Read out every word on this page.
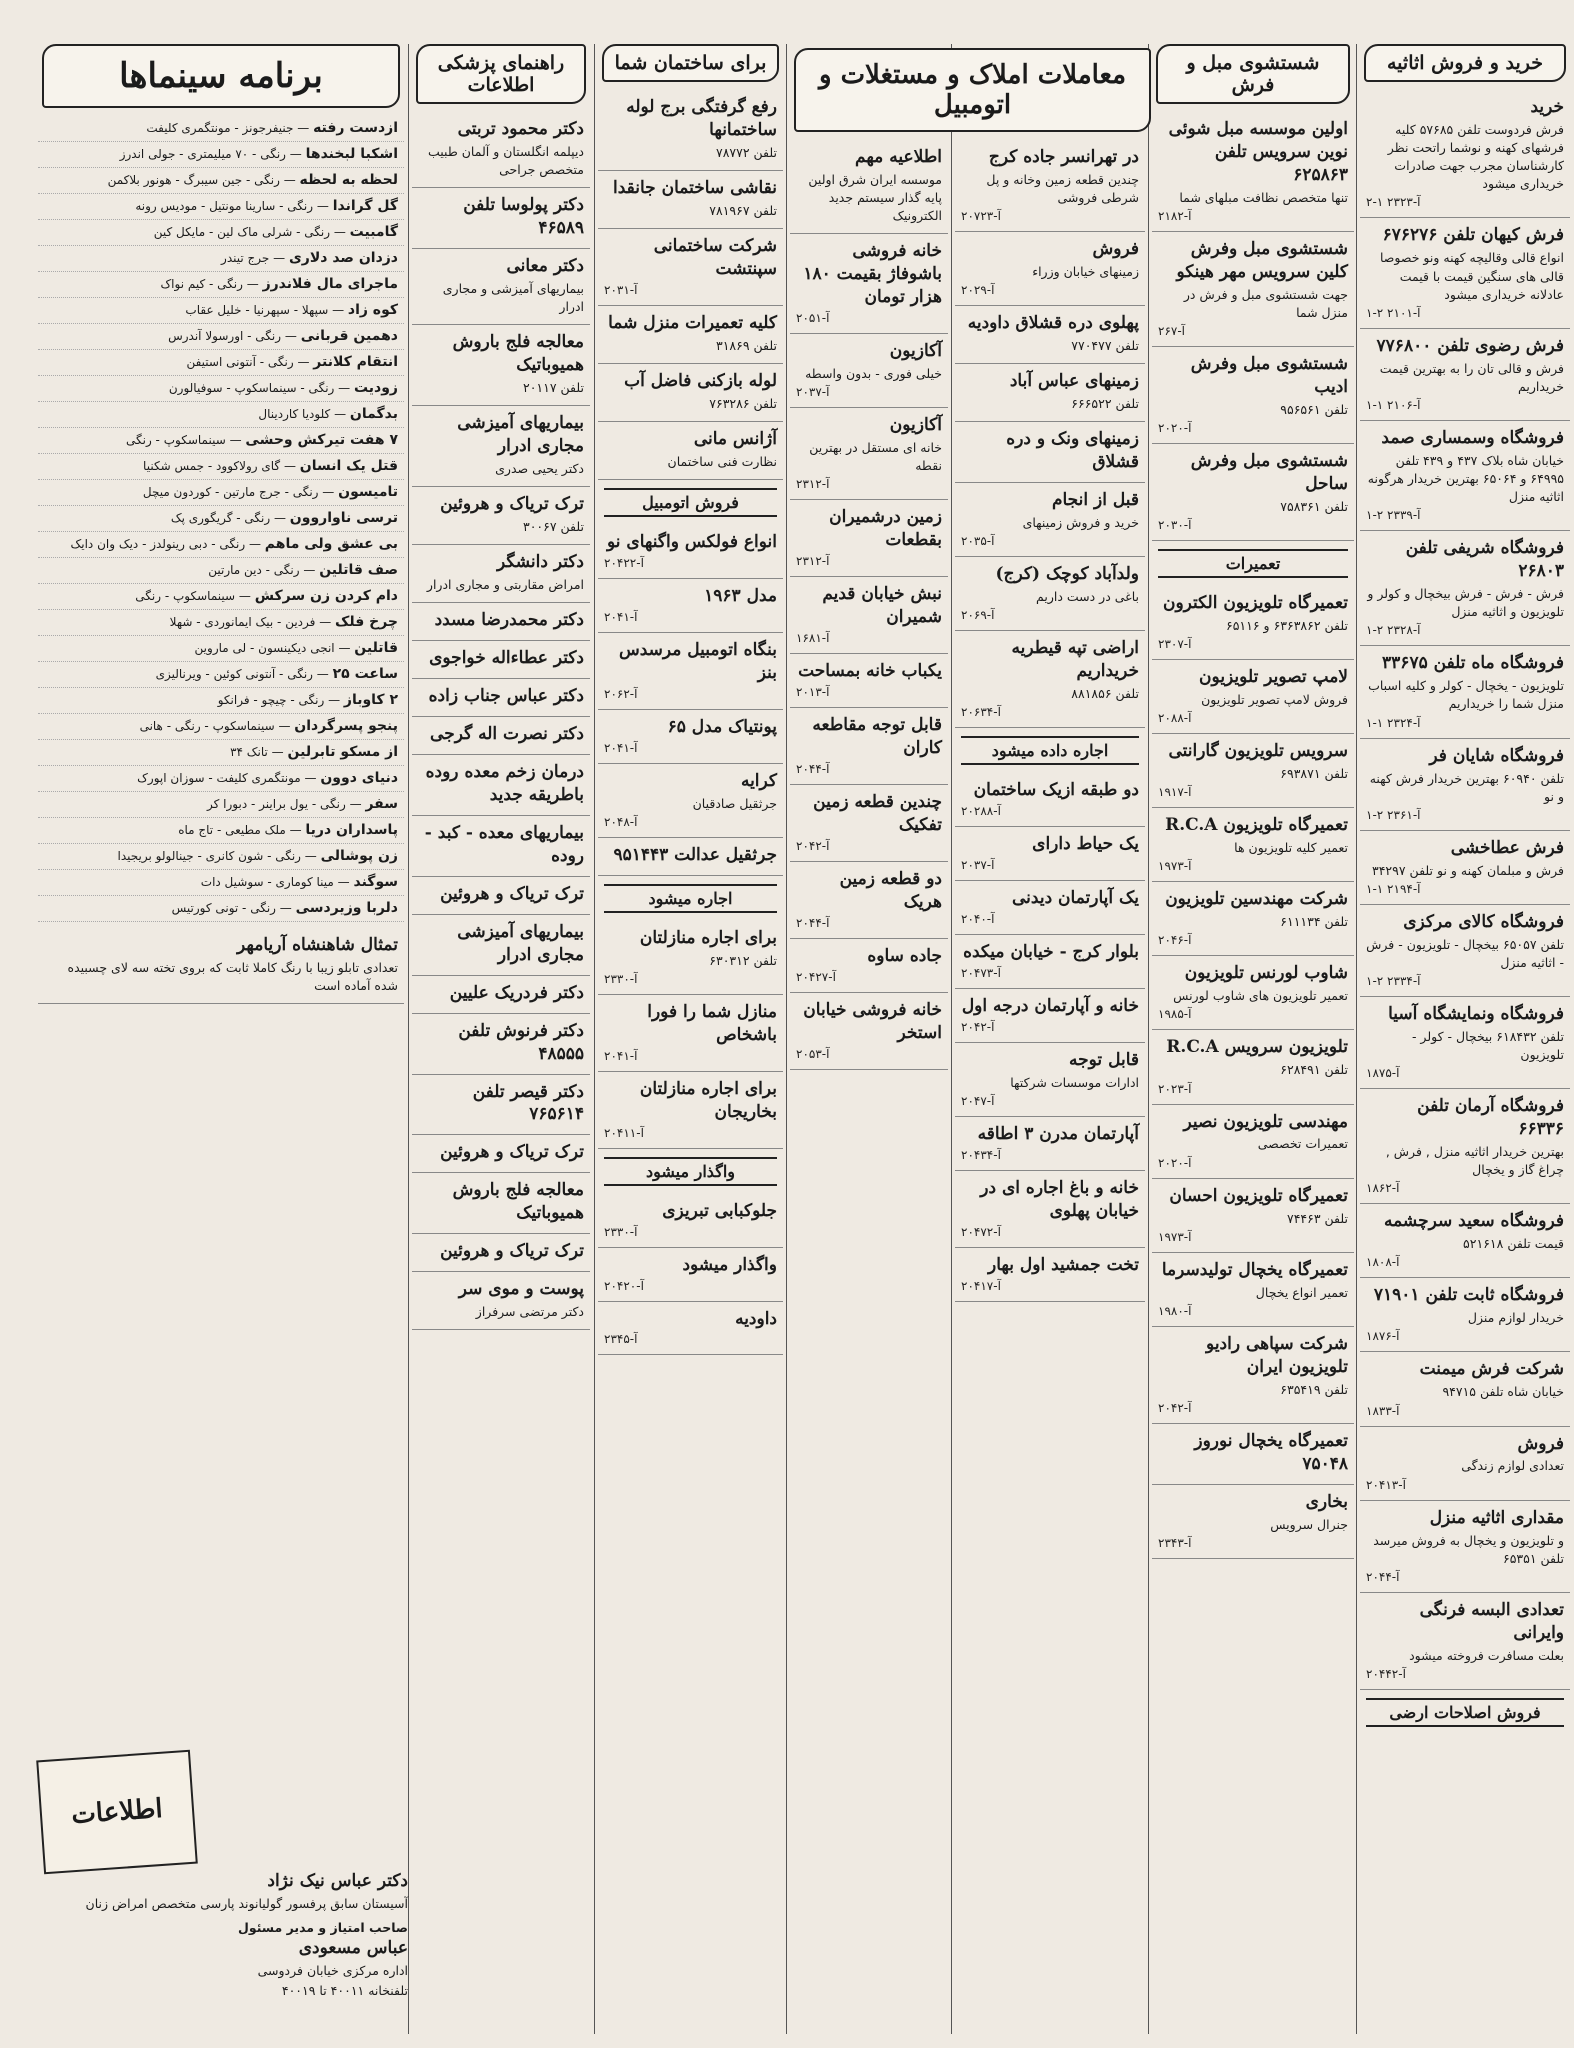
خرید و فروش اثاثیه
خرید
فرش فردوست تلفن ۵۷۶۸۵ کلیه فرشهای کهنه و نوشما راتحت نظر کارشناسان مجرب جهت صادرات خریداری میشود
۲-۱ آ-۲۳۲۳
فرش کیهان تلفن ۶۷۶۲۷۶
انواع قالی وقالیچه کهنه ونو خصوصا قالی های سنگین قیمت با قیمت عادلانه خریداری میشود
۱-۲ آ-۲۱۰۱
فرش رضوی تلفن ۷۷۶۸۰۰
فرش و قالی تان را به بهترین قیمت خریداریم
۱-۱ آ-۲۱۰۶
فروشگاه وسمساری صمد
خیابان شاه بلاک ۴۳۷ و ۴۳۹ تلفن ۶۴۹۹۵ و ۶۵۰۶۴ بهترین خریدار هرگونه اثاثیه منزل
۱-۲ آ-۲۳۳۹
فروشگاه شریفی تلفن ۲۶۸۰۳
فرش - فرش - فرش بیخچال و کولر و تلویزیون و اثاثیه منزل
۱-۲ آ-۲۳۲۸
فروشگاه ماه تلفن ۳۳۶۷۵
تلویزیون - یخچال - کولر و کلیه اسباب منزل شما را خریداریم
۱-۱ آ-۲۳۲۴
فروشگاه شایان فر
تلفن ۶۰۹۴۰ بهترین خریدار فرش کهنه و نو
۱-۲ آ-۲۳۶۱
فرش عطاخشی
فرش و مبلمان کهنه و نو تلفن ۳۴۲۹۷
۱-۱ آ-۲۱۹۴
فروشگاه کالای مرکزی
تلفن ۶۵۰۵۷ بیخچال - تلویزیون - فرش - اثاثیه منزل
۱-۲ آ-۲۳۳۴
فروشگاه ونمایشگاه آسیا
تلفن ۶۱۸۴۳۲ بیخچال - کولر - تلویزیون
آ-۱۸۷۵
فروشگاه آرمان تلفن ۶۶۳۳۶
بهترین خریدار اثاثیه منزل , فرش , چراغ گاز و یخچال
آ-۱۸۶۲
فروشگاه سعید سرچشمه
قیمت تلفن ۵۲۱۶۱۸
آ-۱۸۰۸
فروشگاه ثابت تلفن ۷۱۹۰۱
خریدار لوازم منزل
آ-۱۸۷۶
شرکت فرش میمنت
خیابان شاه تلفن ۹۴۷۱۵
آ-۱۸۳۳
فروش
تعدادی لوازم زندگی
آ-۲۰۴۱۳
مقداری اثاثیه منزل
و تلویزیون و یخچال به فروش میرسد تلفن ۶۵۳۵۱
آ-۲۰۴۴
تعدادی البسه فرنگی وایرانی
بعلت مسافرت فروخته میشود
آ-۲۰۴۴۲
فروش اصلاحات ارضی
شستشوی مبل و فرش
اولین موسسه مبل شوئی نوین سرویس تلفن ۶۲۵۸۶۳
تنها متخصص نظافت مبلهای شما
آ-۲۱۸۲
شستشوی مبل وفرش کلین سرویس مهر هینکو
جهت شستشوی مبل و فرش در منزل شما
آ-۲۶۷
شستشوی مبل وفرش ادیب
تلفن ۹۵۶۵۶۱
آ-۲۰۲۰
شستشوی مبل وفرش ساحل
تلفن ۷۵۸۳۶۱
آ-۲۰۳۰
تعمیرات
تعمیرگاه تلویزیون الکترون
تلفن ۶۳۶۳۸۶۲ و ۶۵۱۱۶
آ-۲۳۰۷
لامپ تصویر تلویزیون
فروش لامپ تصویر تلویزیون
آ-۲۰۸۸
سرویس تلویزیون گارانتی
تلفن ۶۹۳۸۷۱
آ-۱۹۱۷
تعمیرگاه تلویزیون R.C.A
تعمیر کلیه تلویزیون ها
آ-۱۹۷۳
شرکت مهندسین تلویزیون
تلفن ۶۱۱۱۳۴
آ-۲۰۴۶
شاوب لورنس تلویزیون
تعمیر تلویزیون های شاوب لورنس
آ-۱۹۸۵
تلویزیون سرویس R.C.A
تلفن ۶۲۸۴۹۱
آ-۲۰۲۳
مهندسی تلویزیون نصیر
تعمیرات تخصصی
آ-۲۰۲۰
تعمیرگاه تلویزیون احسان
تلفن ۷۴۴۶۳
آ-۱۹۷۳
تعمیرگاه یخچال تولیدسرما
تعمیر انواع یخچال
آ-۱۹۸۰
شرکت سپاهی رادیو تلویزیون ایران
تلفن ۶۳۵۴۱۹
آ-۲۰۴۲
تعمیرگاه یخچال نوروز ۷۵۰۴۸
بخاری
جنرال سرویس
آ-۲۳۴۳
در تهرانسر جاده کرج
چندین قطعه زمین وخانه و پل شرطی فروشی
آ-۲۰۷۲۳
فروش
زمینهای خیابان وزراء
آ-۲۰۲۹
پهلوی دره قشلاق داودیه
تلفن ۷۷۰۴۷۷
زمینهای عباس آباد
تلفن ۶۶۶۵۲۲
زمینهای ونک و دره قشلاق
قبل از انجام
خرید و فروش زمینهای
آ-۲۰۳۵
ولدآباد کوچک (کرج)
باغی در دست داریم
آ-۲۰۶۹
اراضی تپه قیطریه خریداریم
تلفن ۸۸۱۸۵۶
آ-۲۰۶۳۴
اجاره داده میشود
دو طبقه ازیک ساختمان
آ-۲۰۲۸۸
یک حیاط دارای
آ-۲۰۳۷
یک آپارتمان دیدنی
آ-۲۰۴۰
بلوار کرج - خیابان میکده
آ-۲۰۴۷۳
خانه و آپارتمان درجه اول
آ-۲۰۴۲
قابل توجه
ادارات موسسات شرکتها
آ-۲۰۴۷
آپارتمان مدرن ۳ اطاقه
آ-۲۰۴۳۴
خانه و باغ اجاره ای در خیابان پهلوی
آ-۲۰۴۷۲
تخت جمشید اول بهار
آ-۲۰۴۱۷
اطلاعیه مهم
موسسه ایران شرق اولین پایه گذار سیستم جدید الکترونیک
خانه فروشی باشوفاژ بقیمت ۱۸۰ هزار تومان
آ-۲۰۵۱
آکازیون
خیلی فوری - بدون واسطه
آ-۲۰۳۷
آکازیون
خانه ای مستقل در بهترین نقطه
آ-۲۳۱۲
زمین درشمیران بقطعات
آ-۲۳۱۲
نبش خیابان قدیم شمیران
آ-۱۶۸۱
یکباب خانه بمساحت
آ-۲۰۱۳
قابل توجه مقاطعه کاران
آ-۲۰۴۴
چندین قطعه زمین تفکیک
آ-۲۰۴۲
دو قطعه زمین هریک
آ-۲۰۴۴
جاده ساوه
آ-۲۰۴۲۷
خانه فروشی خیابان استخر
آ-۲۰۵۳
معاملات املاک و مستغلات و اتومبیل
برای ساختمان شما
رفع گرفتگی برج لوله ساختمانها
تلفن ۷۸۷۷۲
نقاشی ساختمان جانقدا
تلفن ۷۸۱۹۶۷
شرکت ساختمانی سپنتشت
آ-۲۰۳۱
کلیه تعمیرات منزل شما
تلفن ۳۱۸۶۹
لوله بازکنی فاضل آب
تلفن ۷۶۳۲۸۶
آژانس مانی
نظارت فنی ساختمان
فروش اتومبیل
انواع فولکس واگنهای نو
آ-۲۰۴۲۲
مدل ۱۹۶۳
آ-۲۰۴۱
بنگاه اتومبیل مرسدس بنز
آ-۲۰۶۲
پونتیاک مدل ۶۵
آ-۲۰۴۱
کرایه
جرثقیل صادقیان
آ-۲۰۴۸
جرثقیل عدالت ۹۵۱۴۴۳
اجاره میشود
برای اجاره منازلتان
تلفن ۶۳۰۳۱۲
آ-۲۳۳۰
منازل شما را فورا باشخاص
آ-۲۰۴۱
برای اجاره منازلتان بخاریجان
آ-۲۰۴۱۱
واگذار میشود
جلوکبابی تبریزی
آ-۲۳۳۰
واگذار میشود
آ-۲۰۴۲۰
داودیه
آ-۲۳۴۵
راهنمای پزشکی اطلاعات
دکتر محمود تربتی
دیپلمه انگلستان و آلمان طبیب متخصص جراحی
دکتر پولوسا تلفن ۴۶۵۸۹
دکتر معانی
بیماریهای آمیزشی و مجاری ادرار
معالجه فلج باروش همیوباتیک
تلفن ۲۰۱۱۷
بیماریهای آمیزشی مجاری ادرار
دکتر یحیی صدری
ترک تریاک و هروئین
تلفن ۳۰۰۶۷
دکتر دانشگر
امراض مقاربتی و مجاری ادرار
دکتر محمدرضا مسدد
دکتر عطاءاله خواجوی
دکتر عباس جناب زاده
دکتر نصرت اله گرجی
درمان زخم معده روده باطریقه جدید
بیماریهای معده - کبد - روده
ترک تریاک و هروئین
بیماریهای آمیزشی مجاری ادرار
دکتر فردریک علیین
دکتر فرنوش تلفن ۴۸۵۵۵
دکتر قیصر تلفن ۷۶۵۶۱۴
ترک تریاک و هروئین
معالجه فلج باروش همیوباتیک
ترک تریاک و هروئین
پوست و موی سر
دکتر مرتضی سرفراز
برنامه سینماها
ازدست رفته — جنیفرجونز - مونتگمری کلیفت
اشکبا لبخندها — رنگی - ۷۰ میلیمتری - جولی اندرز
لحظه به لحظه — رنگی - جین سیبرگ - هونور بلاکمن
گل گراندا — رنگی - سارینا مونتیل - مودیس رونه
گامبیت — رنگی - شرلی ماک لین - مایکل کین
دزدان صد دلاری — جرج تیندر
ماجرای مال فلاندرز — رنگی - کیم نواک
کوه زاد — سپهلا - سپهرنیا - خلیل عقاب
دهمین قربانی — رنگی - اورسولا آندرس
انتقام کلانتر — رنگی - آنتونی استیفن
زودیت — رنگی - سینماسکوپ - سوفیالورن
بدگمان — کلودیا کاردینال
۷ هفت تیرکش وحشی — سینماسکوپ - رنگی
قتل یک انسان — گای رولاکوود - جمس شکنیا
تامیسون — رنگی - جرج مارتین - کوردون میچل
ترسی ناواروون — رنگی - گریگوری پک
بی عشق ولی ماهم — رنگی - دبی رینولدز - دیک وان دایک
صف قاتلین — رنگی - دین مارتین
دام کردن زن سرکش — سینماسکوپ - رنگی
چرخ فلک — فردین - بیک ایمانوردی - شهلا
قاتلین — انجی دیکینسون - لی ماروین
ساعت ۲۵ — رنگی - آنتونی کوئین - ویرنالیزی
۲ کاوباز — رنگی - چیچو - فرانکو
پنجو پسرگردان — سینماسکوپ - رنگی - هانی
از مسکو تابرلین — تانک ۳۴
دنیای دوون — مونتگمری کلیفت - سوزان اپورک
سفر — رنگی - یول براینر - دبورا کر
پاسداران دریا — ملک مطیعی - تاج ماه
زن پوشالی — رنگی - شون کانری - جینالولو بریجیدا
سوگند — مینا کوماری - سوشیل دات
دلربا وزیردسی — رنگی - تونی کورتیس
تمثال شاهنشاه آریامهر
تعدادی تابلو زیبا با رنگ کاملا ثابت که بروی تخته سه لای چسبیده شده آماده است
اطلاعات
دکتر عباس نیک نژاد
آسیستان سابق پرفسور گولیانوند پارسی متخصص امراض زنان
صاحب امتیاز و مدیر مسئول
عباس مسعودی
اداره مرکزی خیابان فردوسی
تلفنخانه ۴۰۰۱۱ تا ۴۰۰۱۹
